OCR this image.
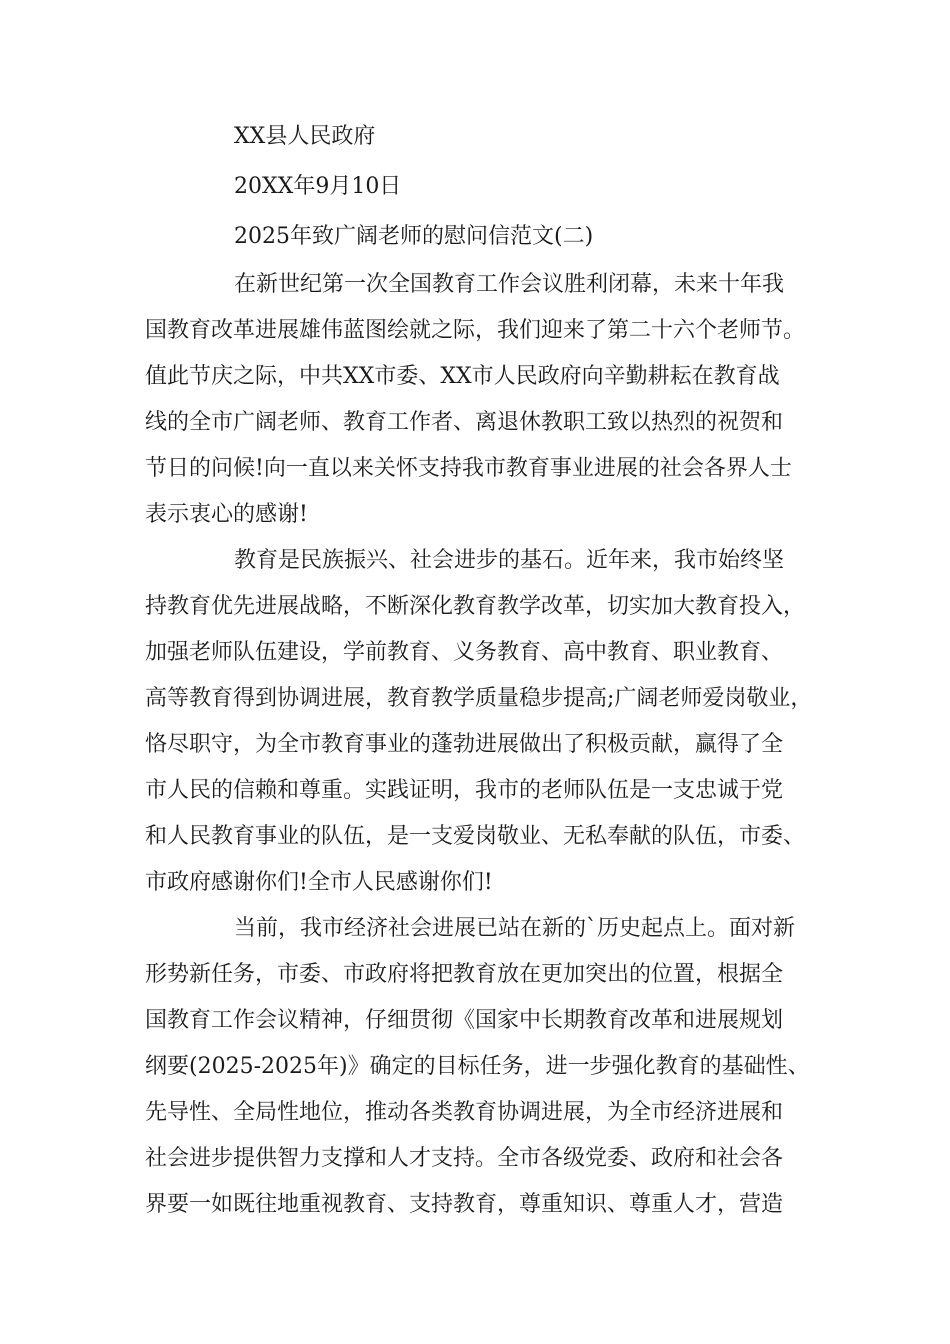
XX县人民政府

20XX年9月10日

2025年致广阔老师的慰问信范文(二)

在新世纪第一次全国教育工作会议胜利闭幕，未来十年我

国教育改革进展雄伟蓝图绘就之际，我们迎来了第二十六个老师节。

值此节庆之际，中共XX市委、XX市人民政府向辛勤耕耘在教育战

线的全市广阔老师、教育工作者、离退休教职工致以热烈的祝贺和

节日的问候!向一直以来关怀支持我市教育事业进展的社会各界人士

表示衷心的感谢!

教育是民族振兴、社会进步的基石。近年来，我市始终坚

持教育优先进展战略，不断深化教育教学改革，切实加大教育投入，

加强老师队伍建设，学前教育、义务教育、高中教育、职业教育、

高等教育得到协调进展，教育教学质量稳步提高;广阔老师爱岗敬业，

恪尽职守，为全市教育事业的蓬勃进展做出了积极贡献，赢得了全

市人民的信赖和尊重。实践证明，我市的老师队伍是一支忠诚于党

和人民教育事业的队伍，是一支爱岗敬业、无私奉献的队伍，市委、

市政府感谢你们!全市人民感谢你们!

当前，我市经济社会进展已站在新的`历史起点上。面对新

形势新任务，市委、市政府将把教育放在更加突出的位置，根据全

国教育工作会议精神，仔细贯彻《国家中长期教育改革和进展规划

纲要(2025-2025年)》确定的目标任务，进一步强化教育的基础性、

先导性、全局性地位，推动各类教育协调进展，为全市经济进展和

社会进步提供智力支撑和人才支持。全市各级党委、政府和社会各

界要一如既往地重视教育、支持教育，尊重知识、尊重人才，营造
